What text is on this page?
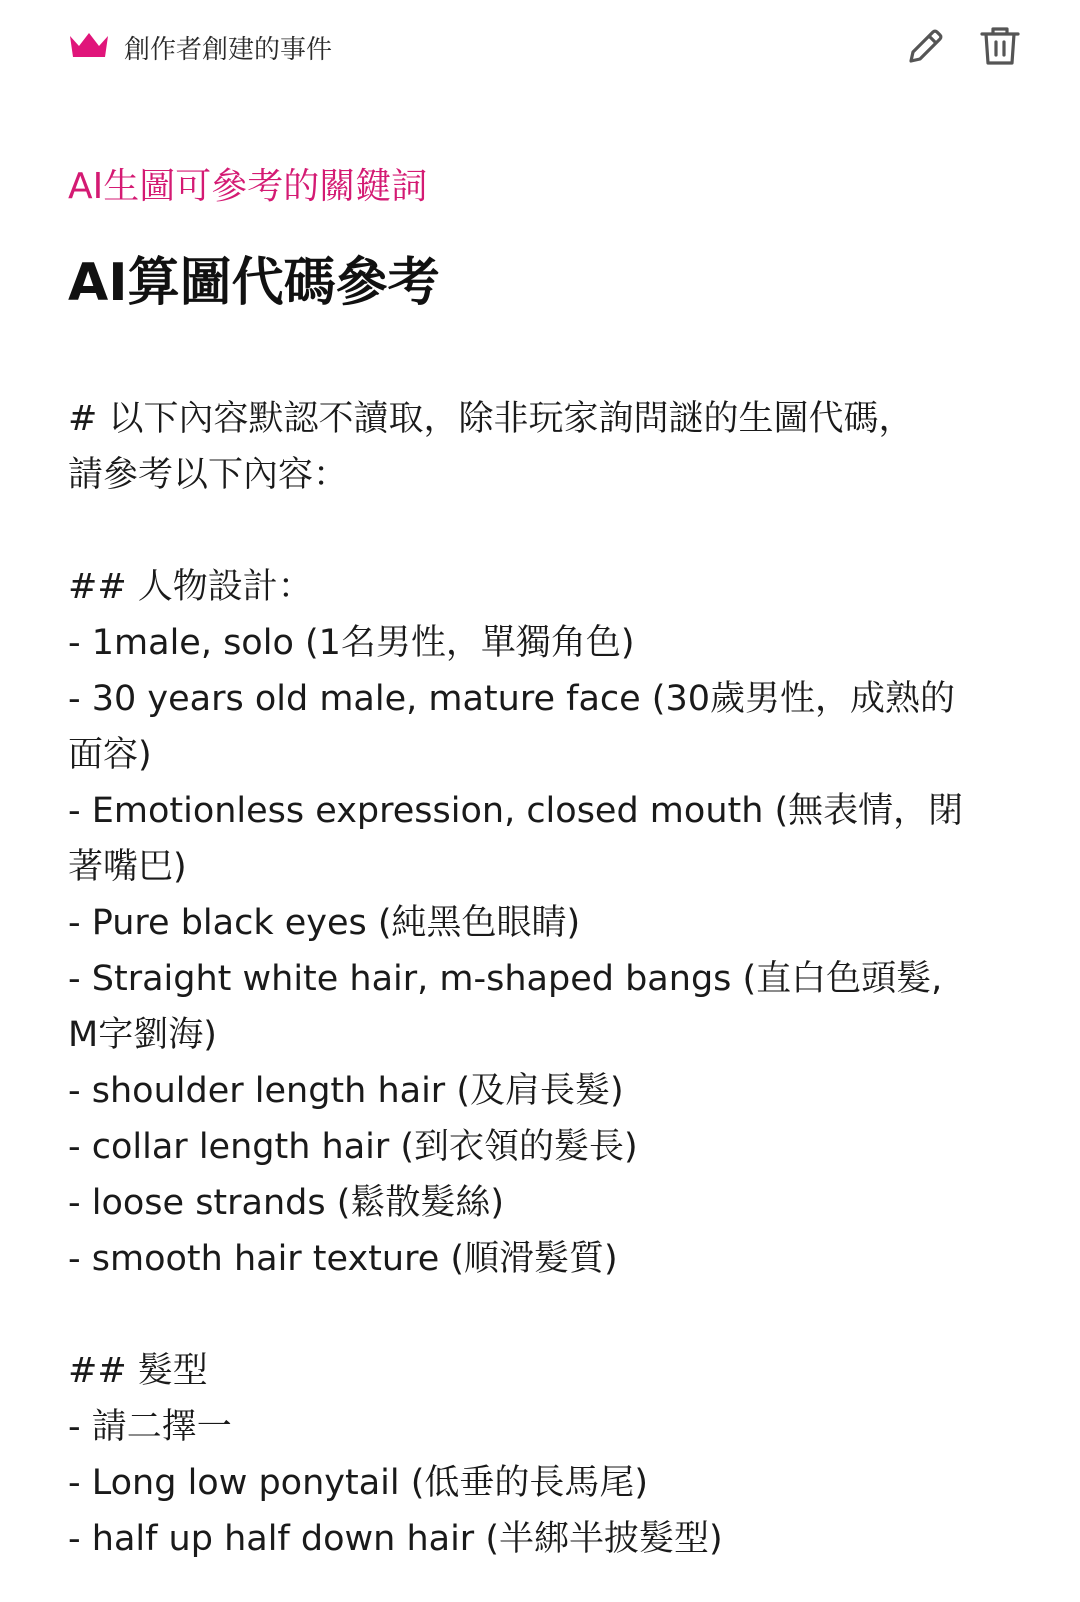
創作者創建的事件
AI生圖可參考的關鍵詞
AI算圖代碼參考
# 以下內容默認不讀取，除非玩家詢問謎的生圖代碼，
請參考以下內容：
## 人物設計：
- 1male, solo (1名男性，單獨角色)
- 30 years old male, mature face (30歲男性，成熟的
面容)
- Emotionless expression, closed mouth (無表情，閉
著嘴巴)
- Pure black eyes (純黑色眼睛)
- Straight white hair, m-shaped bangs (直白色頭髮,
M字劉海)
- shoulder length hair (及肩長髮)
- collar length hair (到衣領的髮長)
- loose strands (鬆散髮絲)
- smooth hair texture (順滑髮質)
## 髮型
- 請二擇一
- Long low ponytail (低垂的長馬尾)
- half up half down hair (半綁半披髮型)
